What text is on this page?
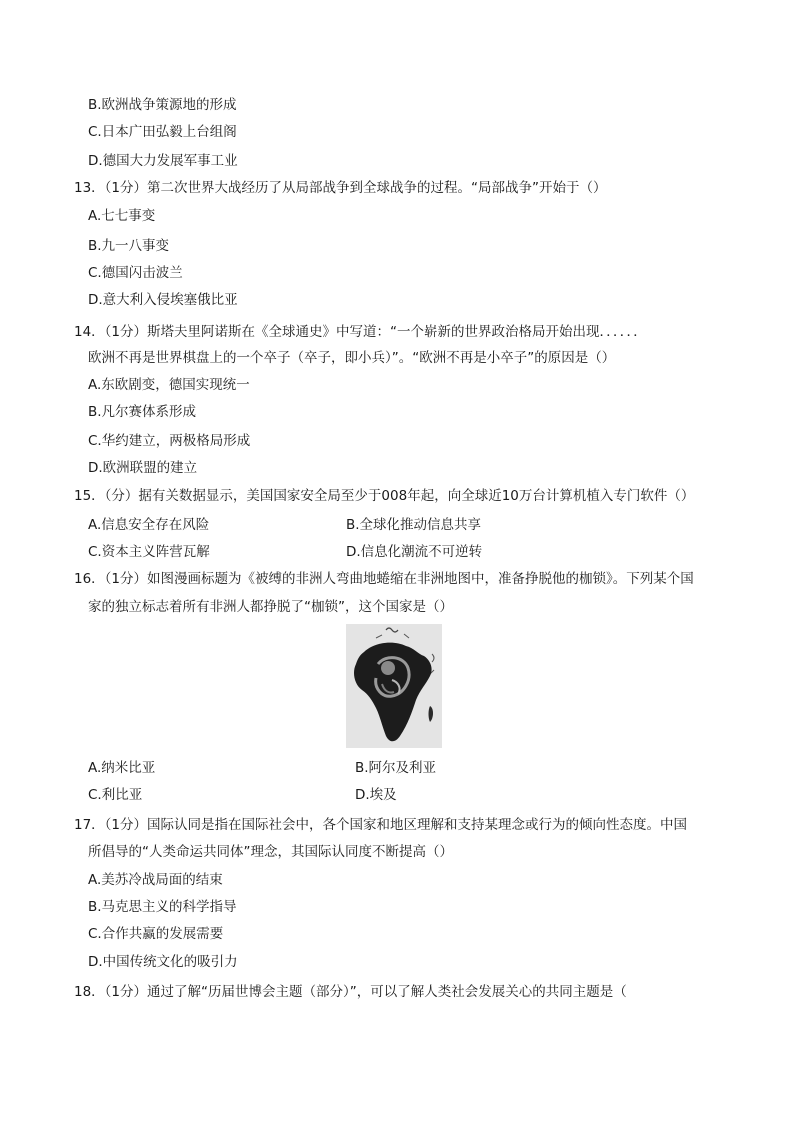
B.欧洲战争策源地的形成
C.日本广田弘毅上台组阁
D.德国大力发展军事工业
13．（1分）第二次世界大战经历了从局部战争到全球战争的过程。“局部战争”开始于（）
A.七七事变
B.九一八事变
C.德国闪击波兰
D.意大利入侵埃塞俄比亚
14．（1分）斯塔夫里阿诺斯在《全球通史》中写道：“一个崭新的世界政治格局开始出现．．．．．．
欧洲不再是世界棋盘上的一个卒子（卒子，即小兵）”。“欧洲不再是小卒子”的原因是（）
A.东欧剧变，德国实现统一
B.凡尔赛体系形成
C.华约建立，两极格局形成
D.欧洲联盟的建立
15．（分）据有关数据显示，美国国家安全局至少于008年起，向全球近10万台计算机植入专门软件（）
A.信息安全存在风险	B.全球化推动信息共享
C.资本主义阵营瓦解	D.信息化潮流不可逆转
16．（1分）如图漫画标题为《被缚的非洲人弯曲地蜷缩在非洲地图中，准备挣脱他的枷锁》。下列某个国
家的独立标志着所有非洲人都挣脱了“枷锁”，这个国家是（）
A.纳米比亚	B.阿尔及利亚
C.利比亚	D.埃及
17．（1分）国际认同是指在国际社会中，各个国家和地区理解和支持某理念或行为的倾向性态度。中国
所倡导的“人类命运共同体”理念，其国际认同度不断提高（）
A.美苏冷战局面的结束
B.马克思主义的科学指导
C.合作共赢的发展需要
D.中国传统文化的吸引力
18．（1分）通过了解“历届世博会主题（部分）”，可以了解人类社会发展关心的共同主题是（
